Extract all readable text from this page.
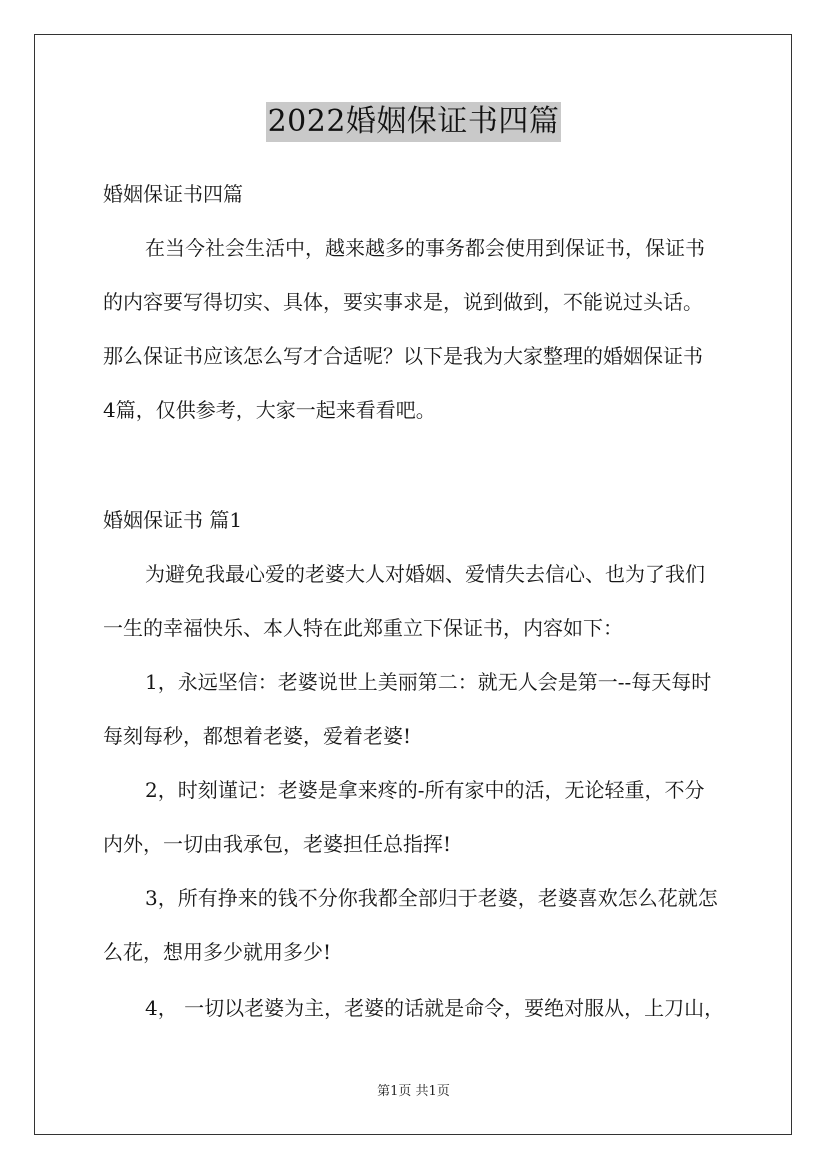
2022婚姻保证书四篇
婚姻保证书四篇
在当今社会生活中，越来越多的事务都会使用到保证书，保证书
的内容要写得切实、具体，要实事求是，说到做到，不能说过头话。
那么保证书应该怎么写才合适呢？以下是我为大家整理的婚姻保证书
4篇，仅供参考，大家一起来看看吧。
婚姻保证书 篇1
为避免我最心爱的老婆大人对婚姻、爱情失去信心、也为了我们
一生的幸福快乐、本人特在此郑重立下保证书，内容如下：
1，永远坚信：老婆说世上美丽第二：就无人会是第一--每天每时
每刻每秒，都想着老婆，爱着老婆!
2，时刻谨记：老婆是拿来疼的-所有家中的活，无论轻重，不分
内外，一切由我承包，老婆担任总指挥!
3，所有挣来的钱不分你我都全部归于老婆，老婆喜欢怎么花就怎
么花，想用多少就用多少!
4， 一切以老婆为主，老婆的话就是命令，要绝对服从，上刀山，
第1页 共1页
